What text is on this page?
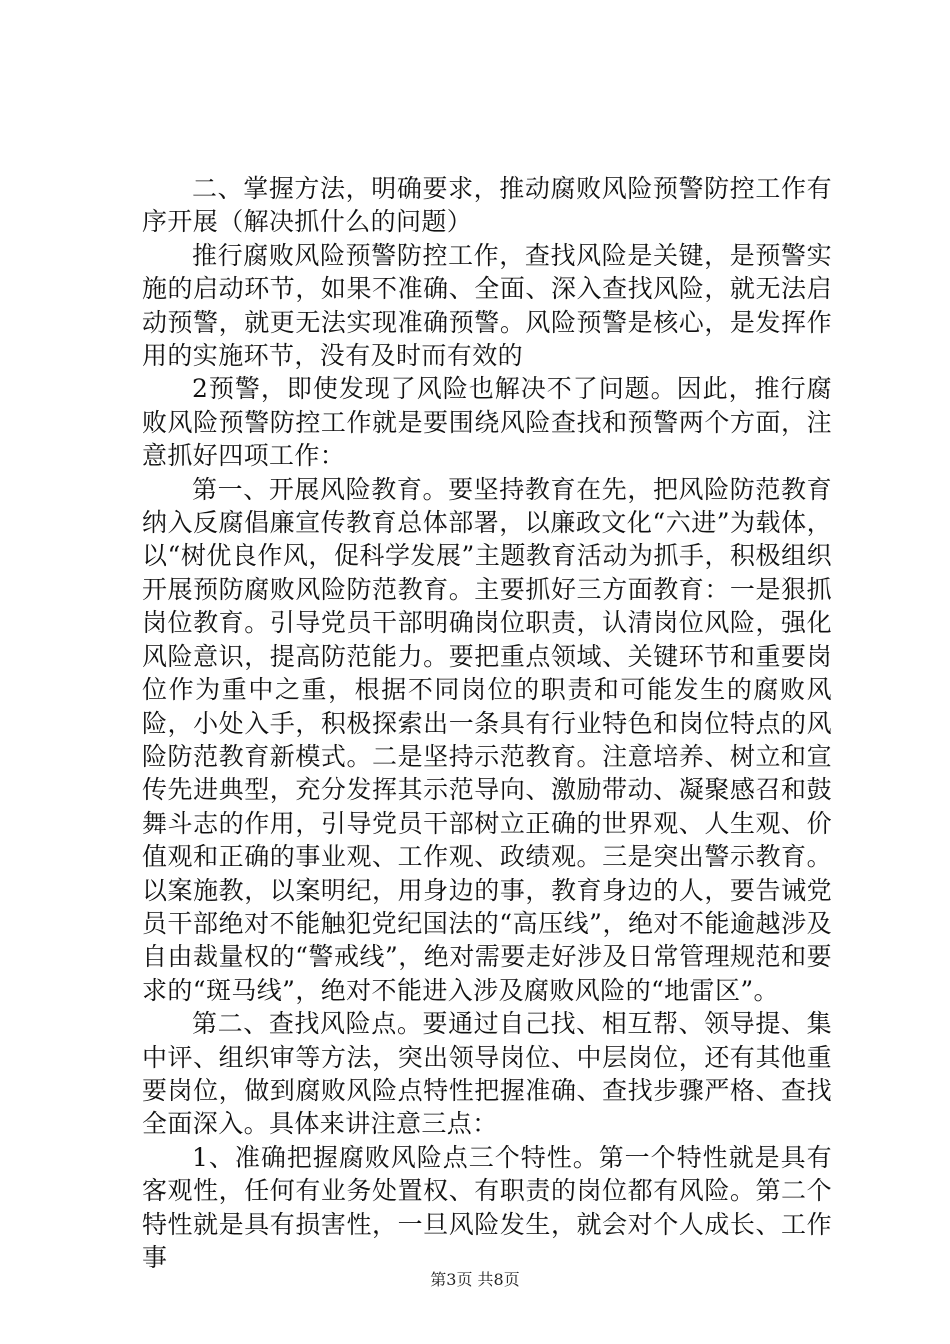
二、掌握方法，明确要求，推动腐败风险预警防控工作有序开展（解决抓什么的问题）

推行腐败风险预警防控工作，查找风险是关键，是预警实施的启动环节，如果不准确、全面、深入查找风险，就无法启动预警，就更无法实现准确预警。风险预警是核心，是发挥作用的实施环节，没有及时而有效的

2预警，即使发现了风险也解决不了问题。因此，推行腐败风险预警防控工作就是要围绕风险查找和预警两个方面，注意抓好四项工作：

第一、开展风险教育。要坚持教育在先，把风险防范教育纳入反腐倡廉宣传教育总体部署，以廉政文化“六进”为载体，以“树优良作风，促科学发展”主题教育活动为抓手，积极组织开展预防腐败风险防范教育。主要抓好三方面教育：一是狠抓岗位教育。引导党员干部明确岗位职责，认清岗位风险，强化风险意识，提高防范能力。要把重点领域、关键环节和重要岗位作为重中之重，根据不同岗位的职责和可能发生的腐败风险，小处入手，积极探索出一条具有行业特色和岗位特点的风险防范教育新模式。二是坚持示范教育。注意培养、树立和宣传先进典型，充分发挥其示范导向、激励带动、凝聚感召和鼓舞斗志的作用，引导党员干部树立正确的世界观、人生观、价值观和正确的事业观、工作观、政绩观。三是突出警示教育。以案施教，以案明纪，用身边的事，教育身边的人，要告诫党员干部绝对不能触犯党纪国法的“高压线”，绝对不能逾越涉及自由裁量权的“警戒线”，绝对需要走好涉及日常管理规范和要求的“斑马线”，绝对不能进入涉及腐败风险的“地雷区”。

第二、查找风险点。要通过自己找、相互帮、领导提、集中评、组织审等方法，突出领导岗位、中层岗位，还有其他重要岗位，做到腐败风险点特性把握准确、查找步骤严格、查找全面深入。具体来讲注意三点：

1、准确把握腐败风险点三个特性。第一个特性就是具有客观性，任何有业务处置权、有职责的岗位都有风险。第二个特性就是具有损害性，一旦风险发生，就会对个人成长、工作事

第3页 共8页
